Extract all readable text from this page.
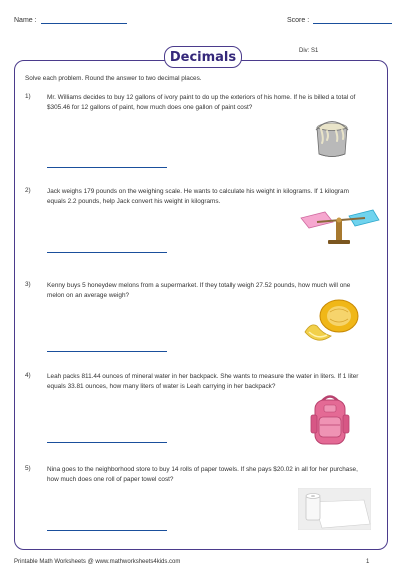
Name :	Score :
Decimals	Div: S1
Solve each problem. Round the answer to two decimal places.
1)	Mr. Williams decides to buy 12 gallons of ivory paint to do up the exteriors of his home. If he is billed a total of $305.46 for 12 gallons of paint, how much does one gallon of paint cost?
2)	Jack weighs 179 pounds on the weighing scale. He wants to calculate his weight in kilograms. If 1 kilogram equals 2.2 pounds, help Jack convert his weight in kilograms.
3)	Kenny buys 5 honeydew melons from a supermarket. If they totally weigh 27.52 pounds, how much will one melon on an average weigh?
4)	Leah packs 811.44 ounces of mineral water in her backpack. She wants to measure the water in liters. If 1 liter equals 33.81 ounces, how many liters of water is Leah carrying in her backpack?
5)	Nina goes to the neighborhood store to buy 14 rolls of paper towels. If she pays $20.02 in all for her purchase, how much does one roll of paper towel cost?
Printable Math Worksheets @ www.mathworksheets4kids.com	1
